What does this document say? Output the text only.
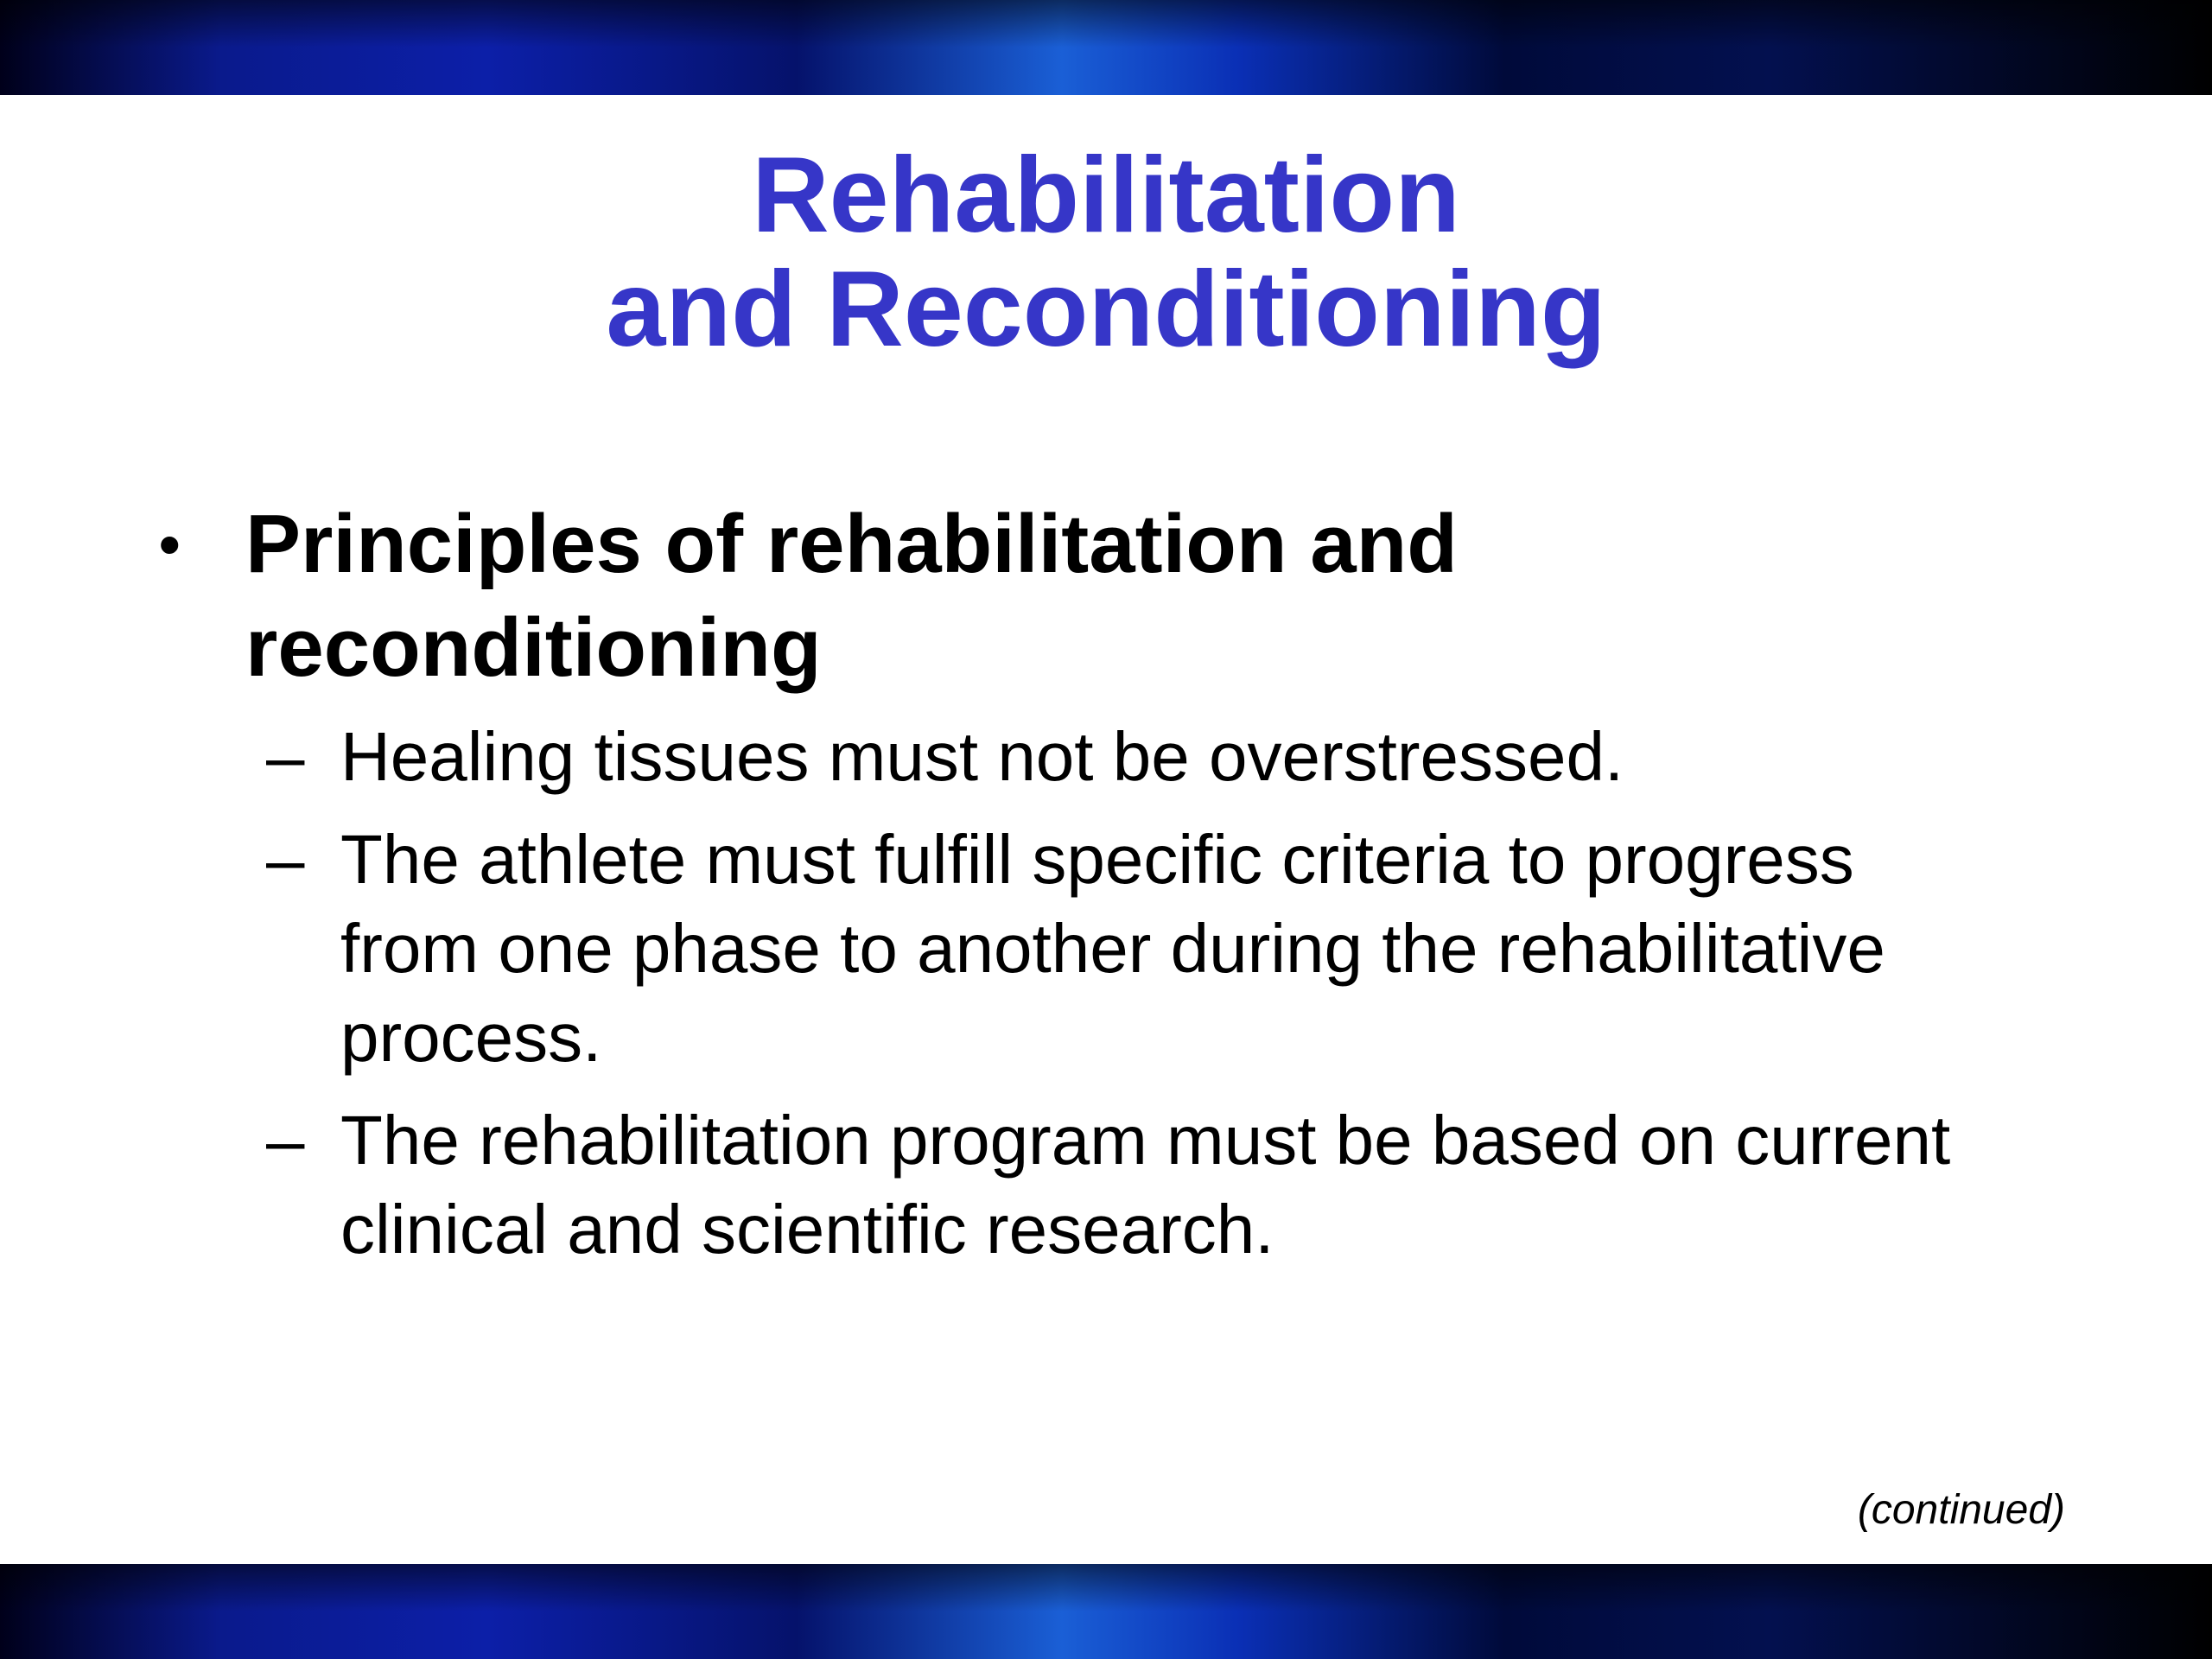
Rehabilitation
and Reconditioning
• Principles of rehabilitation and
reconditioning
– Healing tissues must not be overstressed.
– The athlete must fulfill specific criteria to progress
from one phase to another during the rehabilitative
process.
– The rehabilitation program must be based on current
clinical and scientific research.
(continued)
